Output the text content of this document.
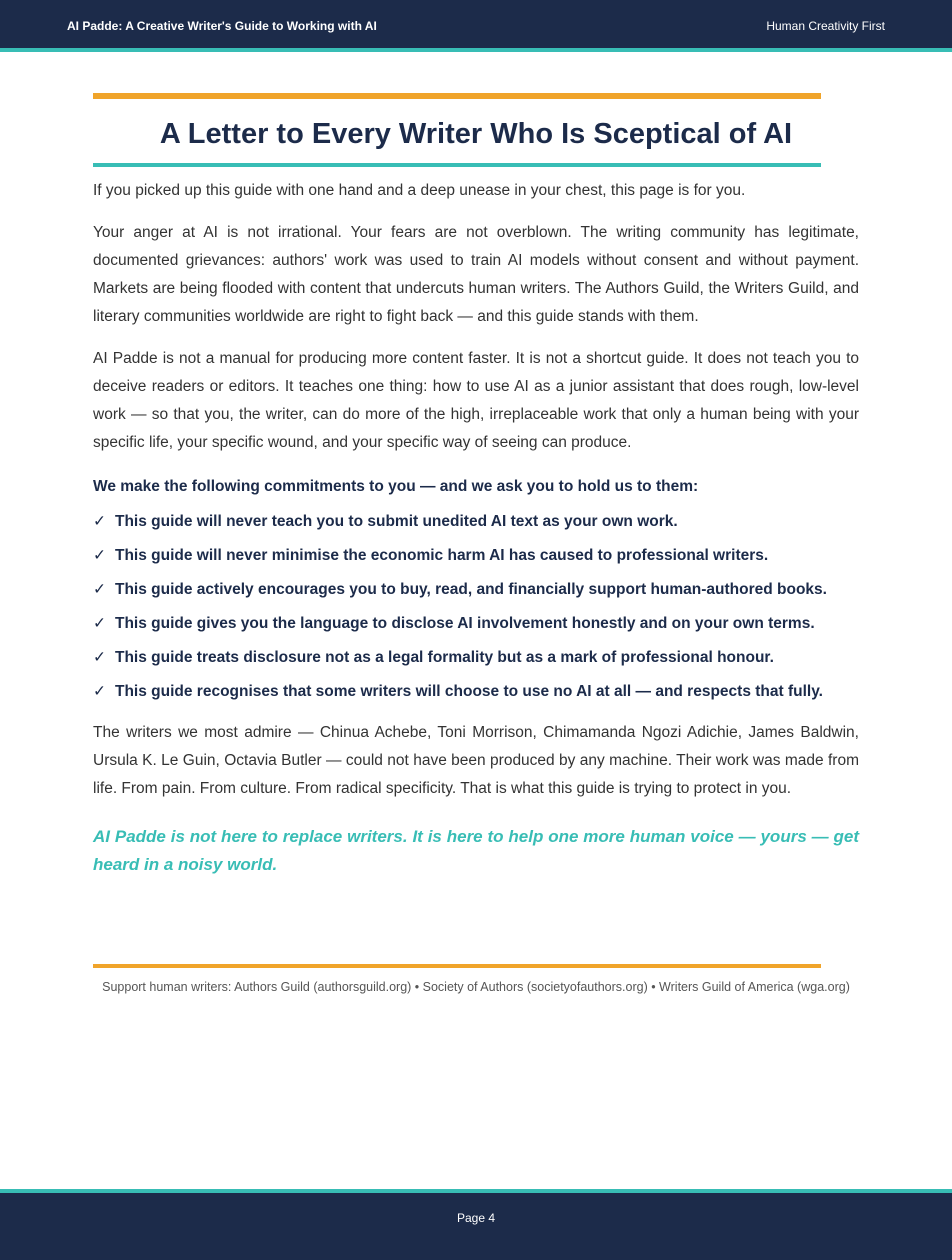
AI Padde: A Creative Writer's Guide to Working with AI	Human Creativity First
A Letter to Every Writer Who Is Sceptical of AI

If you picked up this guide with one hand and a deep unease in your chest, this page is for you.

Your anger at AI is not irrational. Your fears are not overblown. The writing community has legitimate, documented grievances: authors' work was used to train AI models without consent and without payment. Markets are being flooded with content that undercuts human writers. The Authors Guild, the Writers Guild, and literary communities worldwide are right to fight back — and this guide stands with them.

AI Padde is not a manual for producing more content faster. It is not a shortcut guide. It does not teach you to deceive readers or editors. It teaches one thing: how to use AI as a junior assistant that does rough, low-level work — so that you, the writer, can do more of the high, irreplaceable work that only a human being with your specific life, your specific wound, and your specific way of seeing can produce.

We make the following commitments to you — and we ask you to hold us to them:
✓ This guide will never teach you to submit unedited AI text as your own work.
✓ This guide will never minimise the economic harm AI has caused to professional writers.
✓ This guide actively encourages you to buy, read, and financially support human-authored books.
✓ This guide gives you the language to disclose AI involvement honestly and on your own terms.
✓ This guide treats disclosure not as a legal formality but as a mark of professional honour.
✓ This guide recognises that some writers will choose to use no AI at all — and respects that fully.

The writers we most admire — Chinua Achebe, Toni Morrison, Chimamanda Ngozi Adichie, James Baldwin, Ursula K. Le Guin, Octavia Butler — could not have been produced by any machine. Their work was made from life. From pain. From culture. From radical specificity. That is what this guide is trying to protect in you.

AI Padde is not here to replace writers. It is here to help one more human voice — yours — get heard in a noisy world.

Support human writers: Authors Guild (authorsguild.org) • Society of Authors (societyofauthors.org) • Writers Guild of America (wga.org)
Page 4
